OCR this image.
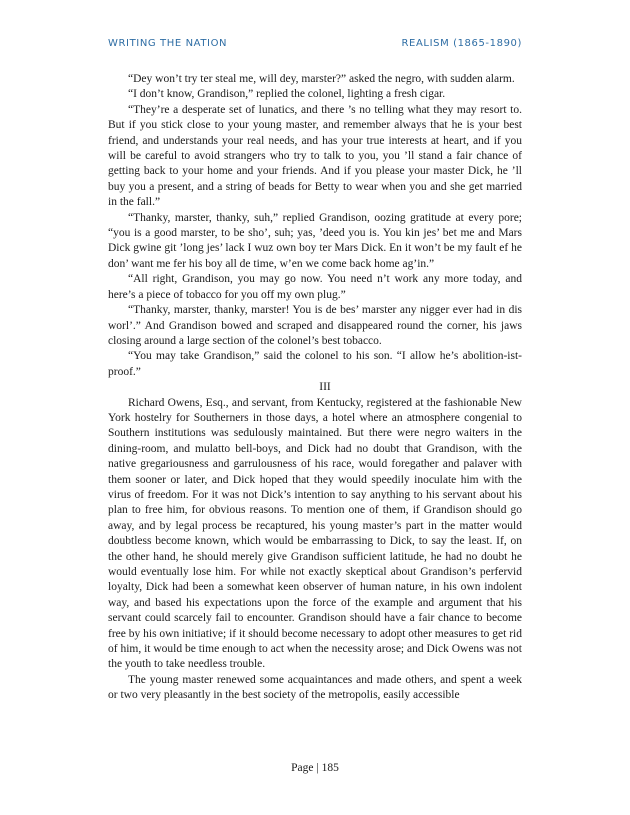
WRITING THE NATION	REALISM (1865-1890)

“Dey won’t try ter steal me, will dey, marster?” asked the negro, with sudden alarm.

“I don’t know, Grandison,” replied the colonel, lighting a fresh cigar.

“They’re a desperate set of lunatics, and there ’s no telling what they may resort to. But if you stick close to your young master, and remember always that he is your best friend, and understands your real needs, and has your true interests at heart, and if you will be careful to avoid strangers who try to talk to you, you ’ll stand a fair chance of getting back to your home and your friends. And if you please your master Dick, he ’ll buy you a present, and a string of beads for Betty to wear when you and she get married in the fall.”

“Thanky, marster, thanky, suh,” replied Grandison, oozing gratitude at every pore; “you is a good marster, to be sho’, suh; yas, ’deed you is. You kin jes’ bet me and Mars Dick gwine git ’long jes’ lack I wuz own boy ter Mars Dick. En it won’t be my fault ef he don’ want me fer his boy all de time, w’en we come back home ag’in.”

“All right, Grandison, you may go now. You need n’t work any more today, and here’s a piece of tobacco for you off my own plug.”

“Thanky, marster, thanky, marster! You is de bes’ marster any nigger ever had in dis worl’.” And Grandison bowed and scraped and disappeared round the corner, his jaws closing around a large section of the colonel’s best tobacco.

“You may take Grandison,” said the colonel to his son. “I allow he’s abolition-ist-proof.”

III

Richard Owens, Esq., and servant, from Kentucky, registered at the fashionable New York hostelry for Southerners in those days, a hotel where an atmosphere congenial to Southern institutions was sedulously maintained. But there were negro waiters in the dining-room, and mulatto bell-boys, and Dick had no doubt that Grandison, with the native gregariousness and garrulousness of his race, would foregather and palaver with them sooner or later, and Dick hoped that they would speedily inoculate him with the virus of freedom. For it was not Dick’s intention to say anything to his servant about his plan to free him, for obvious reasons. To mention one of them, if Grandison should go away, and by legal process be recaptured, his young master’s part in the matter would doubtless become known, which would be embarrassing to Dick, to say the least. If, on the other hand, he should merely give Grandison sufficient latitude, he had no doubt he would eventually lose him. For while not exactly skeptical about Grandison’s perfervid loyalty, Dick had been a somewhat keen observer of human nature, in his own indolent way, and based his expectations upon the force of the example and argument that his servant could scarcely fail to encounter. Grandison should have a fair chance to become free by his own initiative; if it should become necessary to adopt other measures to get rid of him, it would be time enough to act when the necessity arose; and Dick Owens was not the youth to take needless trouble.

The young master renewed some acquaintances and made others, and spent a week or two very pleasantly in the best society of the metropolis, easily accessible

Page | 185
